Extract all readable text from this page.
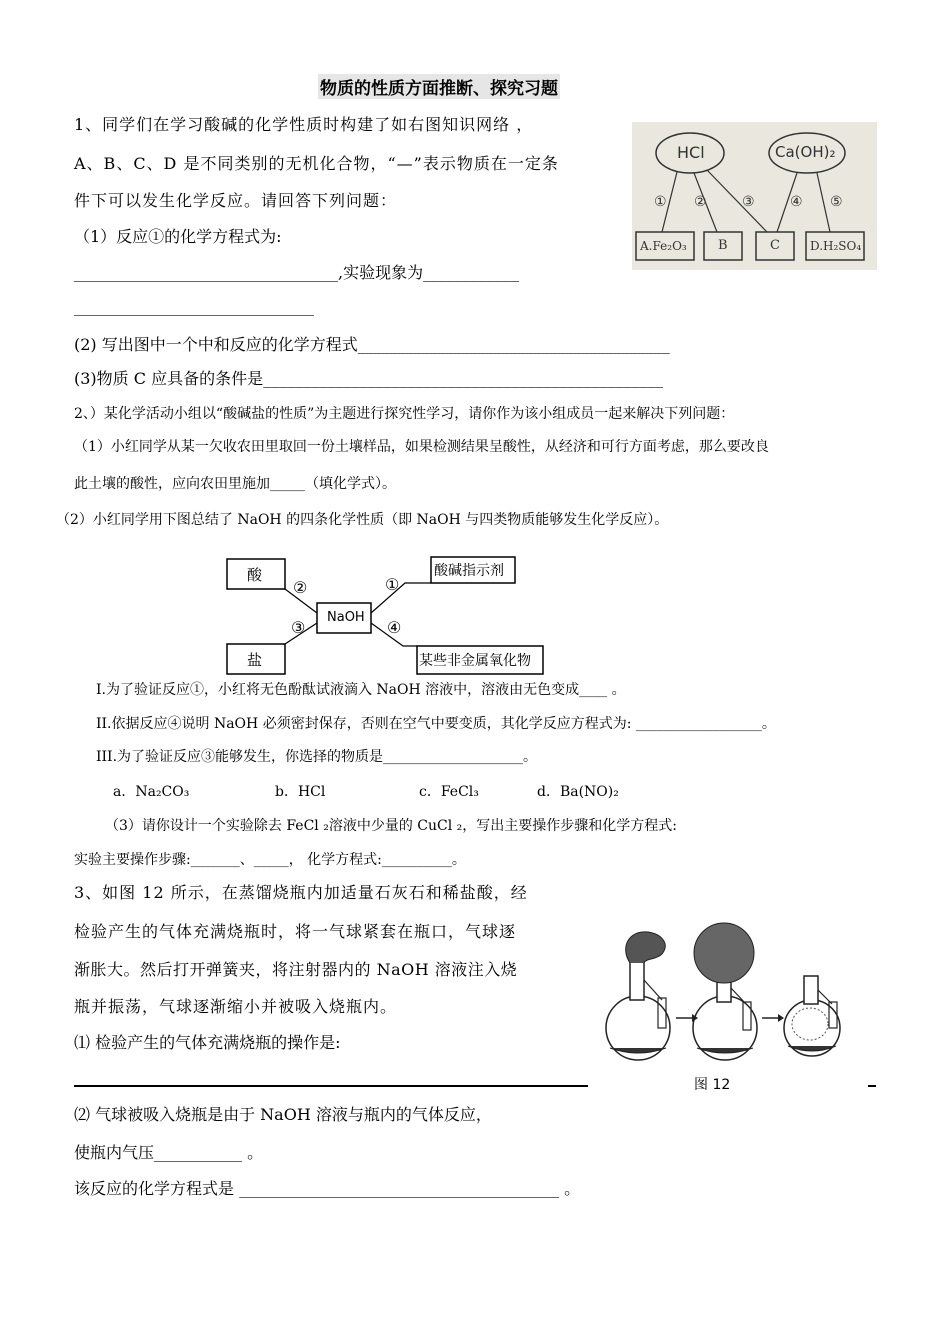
物质的性质方面推断、探究习题
1、同学们在学习酸碱的化学性质时构建了如右图知识网络 ，
A、B、C、D 是不同类别的无机化合物，“—”表示物质在一定条
件下可以发生化学反应。请回答下列问题：
（1）反应①的化学方程式为:
_________________________________,实验现象为____________
______________________________
(2) 写出图中一个中和反应的化学方程式_______________________________________
(3)物质 C 应具备的条件是__________________________________________________
HCl	Ca(OH)₂
① ②	③	④ ⑤
A.Fe₂O₃ B	C	D.H₂SO₄
2、）某化学活动小组以“酸碱盐的性质”为主题进行探究性学习，请你作为该小组成员一起来解决下列问题：
（1）小红同学从某一欠收农田里取回一份土壤样品，如果检测结果呈酸性，从经济和可行方面考虑，那么要改良
此土壤的酸性，应向农田里施加_____（填化学式）。
（2）小红同学用下图总结了 NaOH 的四条化学性质（即 NaOH 与四类物质能够发生化学反应）。
酸
盐
NaOH
酸碱指示剂
某些非金属氧化物
①
②
③	④
I.为了验证反应①，小红将无色酚酞试液滴入 NaOH 溶液中，溶液由无色变成____ 。
II.依据反应④说明 NaOH 必须密封保存，否则在空气中要变质，其化学反应方程式为: __________________。
III.为了验证反应③能够发生，你选择的物质是____________________。
a．Na₂CO₃	b．HCl	c．FeCl₃	d．Ba(NO)₂
（3）请你设计一个实验除去 FeCl ₂溶液中少量的 CuCl ₂，写出主要操作步骤和化学方程式:
实验主要操作步骤:_______、_____， 化学方程式:__________。
3、如图 12 所示，在蒸馏烧瓶内加适量石灰石和稀盐酸，经
检验产生的气体充满烧瓶时，将一气球紧套在瓶口，气球逐
渐胀大。然后打开弹簧夹，将注射器内的 NaOH 溶液注入烧
瓶并振荡，气球逐渐缩小并被吸入烧瓶内。
⑴ 检验产生的气体充满烧瓶的操作是:
⑵ 气球被吸入烧瓶是由于 NaOH 溶液与瓶内的气体反应，
使瓶内气压___________ 。
该反应的化学方程式是 ________________________________________ 。
图 12
